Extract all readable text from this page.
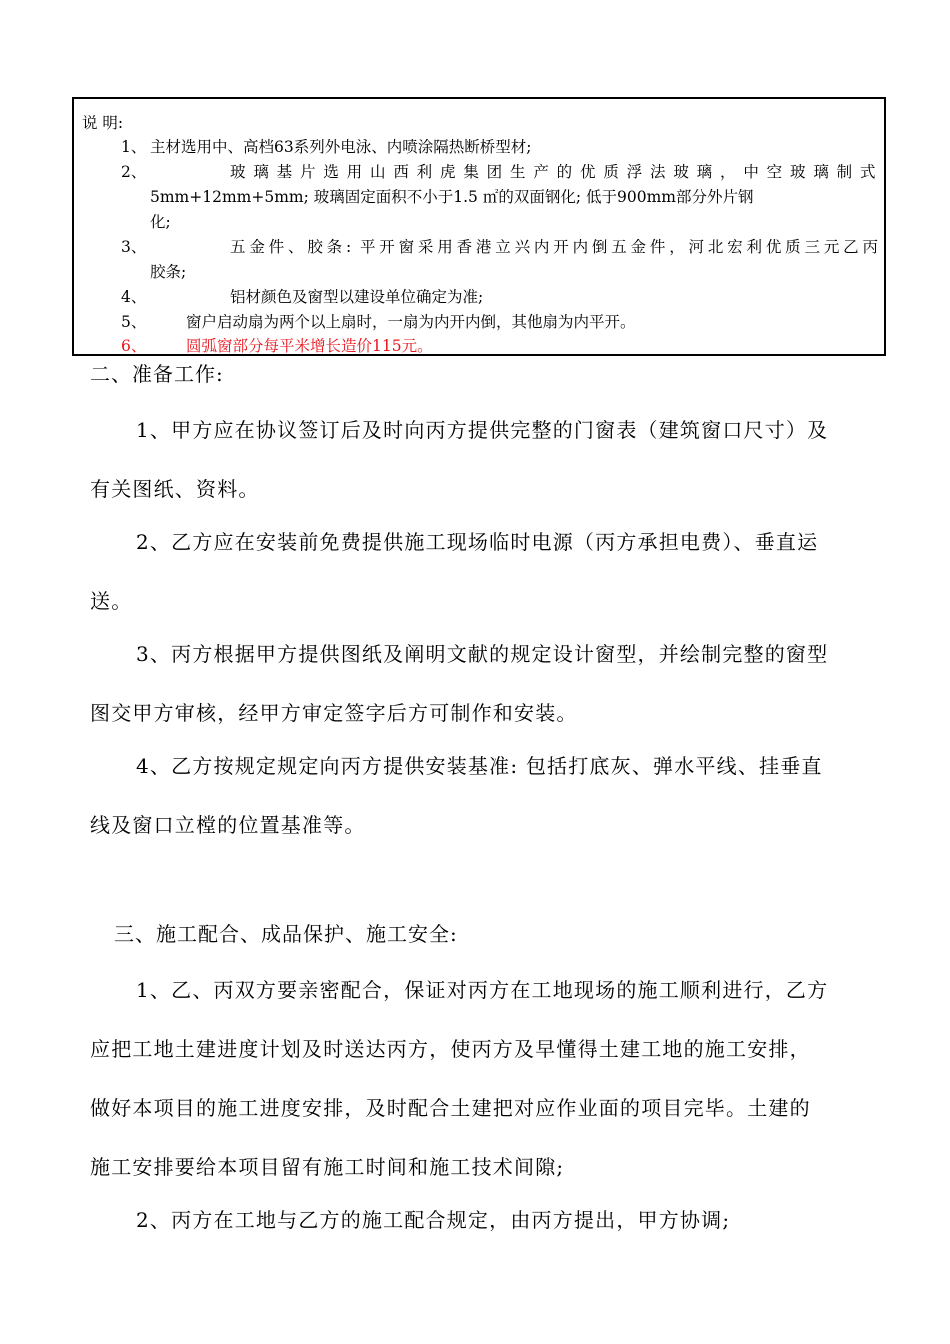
说 明:
1、 主材选用中、高档63系列外电泳、内喷涂隔热断桥型材;
2、	玻璃基片选用山西利虎集团生产的优质浮法玻璃，中空玻璃制式
5mm+12mm+5mm; 玻璃固定面积不小于1.5 ㎡的双面钢化; 低于900mm部分外片钢
化;
3、	五金件、胶条: 平开窗采用香港立兴内开内倒五金件，河北宏利优质三元乙丙
胶条;
4、	铝材颜色及窗型以建设单位确定为准;
5、	窗户启动扇为两个以上扇时，一扇为内开内倒，其他扇为内平开。
6、	圆弧窗部分每平米增长造价115元。
二、准备工作:
1、甲方应在协议签订后及时向丙方提供完整的门窗表（建筑窗口尺寸）及
有关图纸、资料。
2、乙方应在安装前免费提供施工现场临时电源（丙方承担电费）、垂直运
送。
3、丙方根据甲方提供图纸及阐明文献的规定设计窗型，并绘制完整的窗型
图交甲方审核，经甲方审定签字后方可制作和安装。
4、乙方按规定规定向丙方提供安装基准: 包括打底灰、弹水平线、挂垂直
线及窗口立樘的位置基准等。
三、施工配合、成品保护、施工安全:
1、乙、丙双方要亲密配合，保证对丙方在工地现场的施工顺利进行，乙方
应把工地土建进度计划及时送达丙方，使丙方及早懂得土建工地的施工安排，
做好本项目的施工进度安排，及时配合土建把对应作业面的项目完毕。土建的
施工安排要给本项目留有施工时间和施工技术间隙;
2、丙方在工地与乙方的施工配合规定，由丙方提出，甲方协调;
